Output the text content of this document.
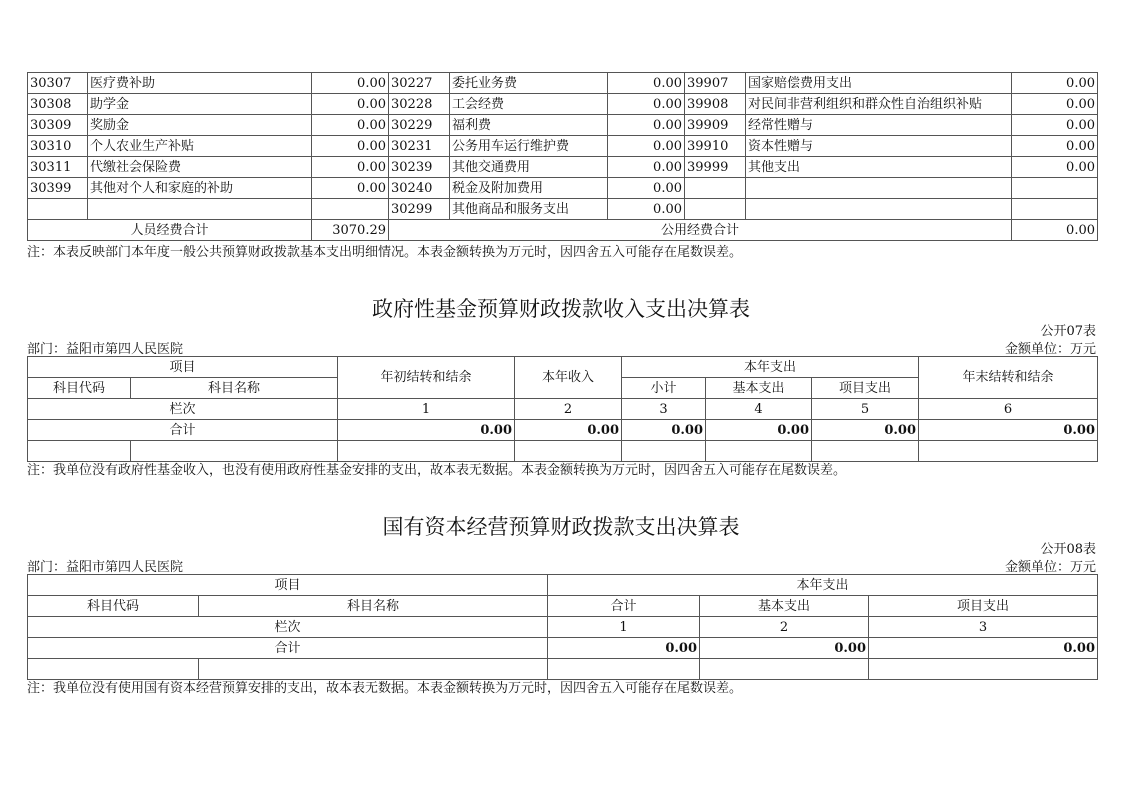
30307	医疗费补助	0.00	30227	委托业务费	0.00	39907	国家赔偿费用支出	0.00
30308	助学金	0.00	30228	工会经费	0.00	39908	对民间非营利组织和群众性自治组织补贴	0.00
30309	奖励金	0.00	30229	福利费	0.00	39909	经常性赠与	0.00
30310	个人农业生产补贴	0.00	30231	公务用车运行维护费	0.00	39910	资本性赠与	0.00
30311	代缴社会保险费	0.00	30239	其他交通费用	0.00	39999	其他支出	0.00
30399	其他对个人和家庭的补助	0.00	30240	税金及附加费用	0.00			
			30299	其他商品和服务支出	0.00			
人员经费合计		3070.29	公用经费合计					0.00
注：本表反映部门本年度一般公共预算财政拨款基本支出明细情况。本表金额转换为万元时，因四舍五入可能存在尾数误差。
政府性基金预算财政拨款收入支出决算表
公开07表
部门：益阳市第四人民医院	金额单位：万元
项目		年初结转和结余	本年收入	本年支出			年末结转和结余
科目代码	科目名称			小计	基本支出	项目支出	
栏次		1	2	3	4	5	6
合计		0.00	0.00	0.00	0.00	0.00	0.00

注：我单位没有政府性基金收入，也没有使用政府性基金安排的支出，故本表无数据。本表金额转换为万元时，因四舍五入可能存在尾数误差。
国有资本经营预算财政拨款支出决算表
公开08表
部门：益阳市第四人民医院	金额单位：万元
项目		本年支出		
科目代码	科目名称	合计	基本支出	项目支出
栏次		1	2	3
合计		0.00	0.00	0.00

注：我单位没有使用国有资本经营预算安排的支出，故本表无数据。本表金额转换为万元时，因四舍五入可能存在尾数误差。
